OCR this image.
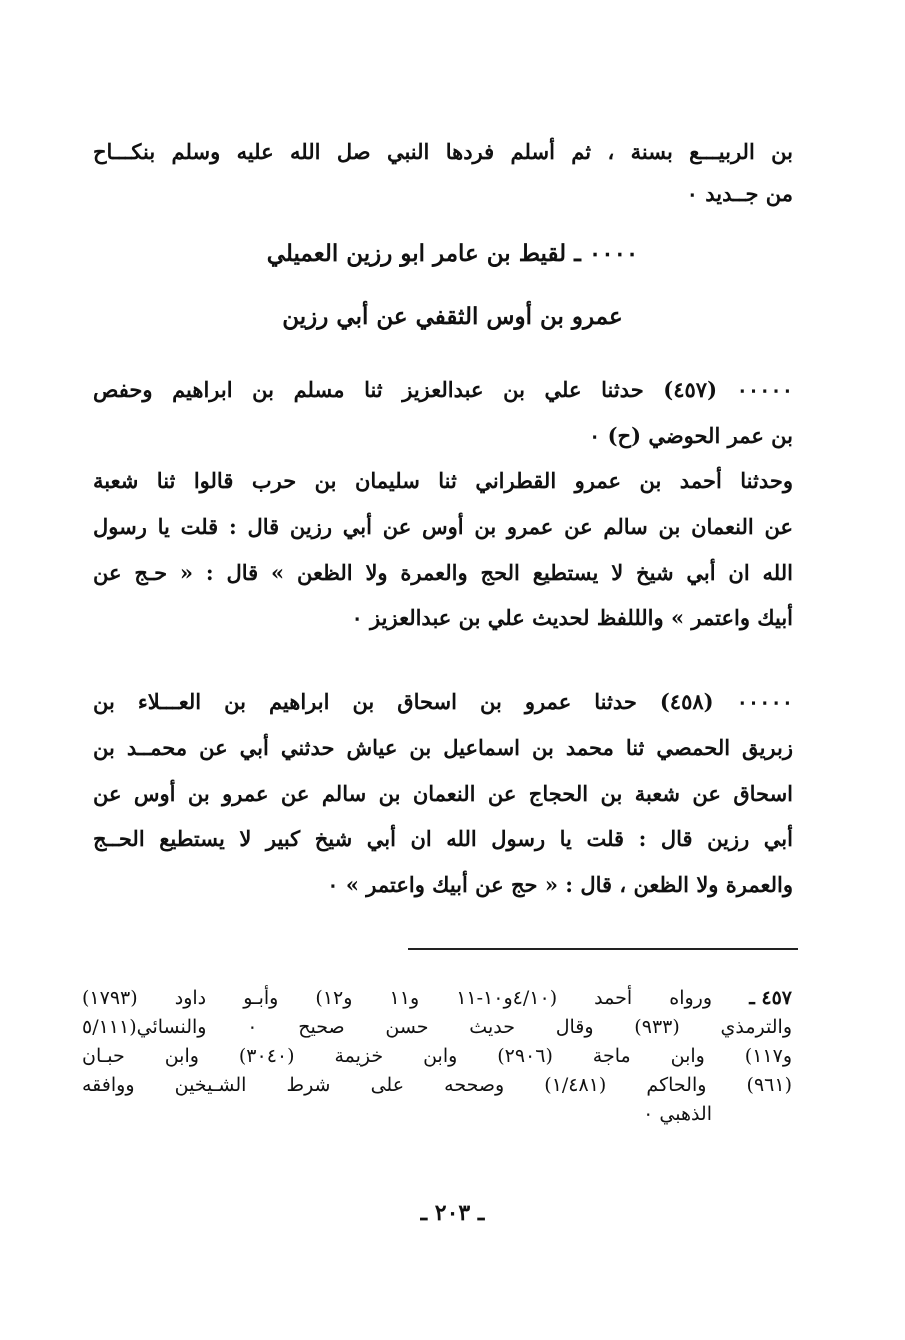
بن الربيـــع بسنة ، ثم أسلم فردها النبي صل الله عليه وسلم بنكـــاح
من جــديد ٠
٠٠٠٠ ـ لقيط بن عامر ابو رزين العميلي
عمرو بن أوس الثقفي عن أبي رزين
٠٠٠٠٠ (٤٥٧) حدثنا علي بن عبدالعزيز ثنا مسلم بن ابراهيم وحفص
بن عمر الحوضي (ح) ٠
وحدثنا أحمد بن عمرو القطراني ثنا سليمان بن حرب قالوا ثنا شعبة
عن النعمان بن سالم عن عمرو بن أوس عن أبي رزين قال : قلت يا رسول
الله ان أبي شيخ لا يستطيع الحج والعمرة ولا الظعن » قال : « حـج عن
أبيك واعتمر » والللفظ لحديث علي بن عبدالعزيز ٠
٠٠٠٠٠ (٤٥٨) حدثنا عمرو بن اسحاق بن ابراهيم بن العـــلاء بن
زبريق الحمصي ثنا محمد بن اسماعيل بن عياش حدثني أبي عن محمــد بن
اسحاق عن شعبة بن الحجاج عن النعمان بن سالم عن عمرو بن أوس عن
أبي رزين قال : قلت يا رسول الله ان أبي شيخ كبير لا يستطيع الحــج
والعمرة ولا الظعن ، قال : « حج عن أبيك واعتمر » ٠
٤٥٧ ـ
ورواه أحمد (٤/١٠و١٠-١١ و١١ و١٢) وأبـو داود (١٧٩٣)
والترمذي (٩٣٣) وقال حديث حسن صحيح ٠ والنسائي(٥/١١١
و١١٧) وابن ماجة (٢٩٠٦) وابن خزيمة (٣٠٤٠) وابن حبـان
(٩٦١) والحاكم (١/٤٨١) وصححه على شرط الشـيخين ووافقه
الذهبي ٠
ـ ٢٠٣ ـ
